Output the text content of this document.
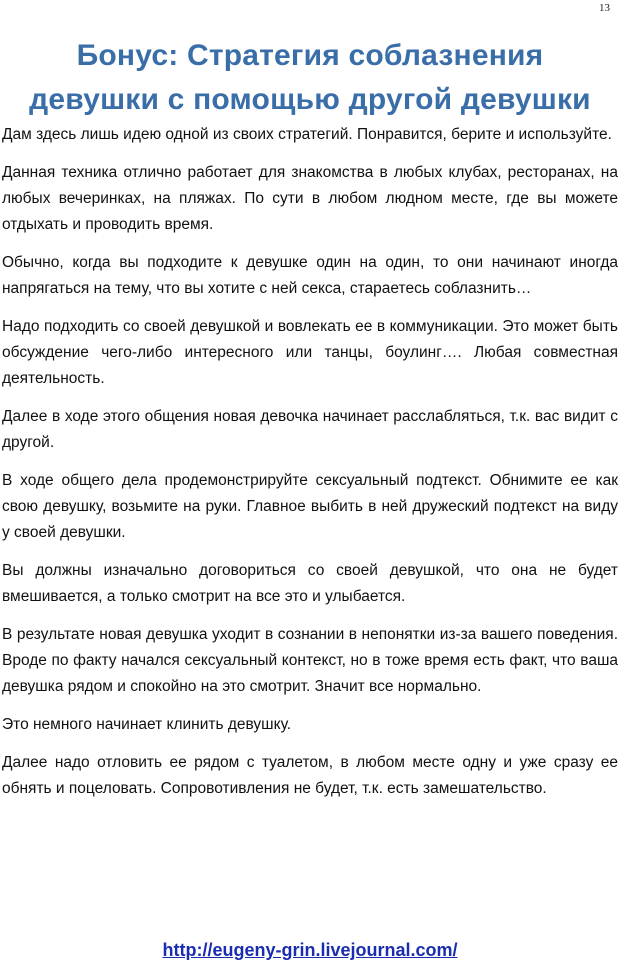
13
Бонус: Стратегия соблазнения
девушки с помощью другой девушки

Дам здесь лишь идею одной из своих стратегий. Понравится, берите и используйте.

Данная техника отлично работает для знакомства в любых клубах, ресторанах, на любых вечеринках, на пляжах. По сути в любом людном месте, где вы можете отдыхать и проводить время.

Обычно, когда вы подходите к девушке один на один, то они начинают иногда напрягаться на тему, что вы хотите с ней секса, стараетесь соблазнить…

Надо подходить со своей девушкой и вовлекать ее в коммуникации. Это может быть обсуждение чего-либо интересного или танцы, боулинг…. Любая совместная деятельность.

Далее в ходе этого общения новая девочка начинает расслабляться, т.к. вас видит с другой.

В ходе общего дела продемонстрируйте сексуальный подтекст. Обнимите ее как свою девушку, возьмите на руки. Главное выбить в ней дружеский подтекст на виду у своей девушки.

Вы должны изначально договориться со своей девушкой, что она не будет вмешивается, а только смотрит на все это и улыбается.

В результате новая девушка уходит в сознании в непонятки из-за вашего поведения. Вроде по факту начался сексуальный контекст, но в тоже время есть факт, что ваша девушка рядом и спокойно на это смотрит. Значит все нормально.

Это немного начинает клинить девушку.

Далее надо отловить ее рядом с туалетом, в любом месте одну и уже сразу ее обнять и поцеловать. Сопровотивления не будет, т.к. есть замешательство.

http://eugeny-grin.livejournal.com/
